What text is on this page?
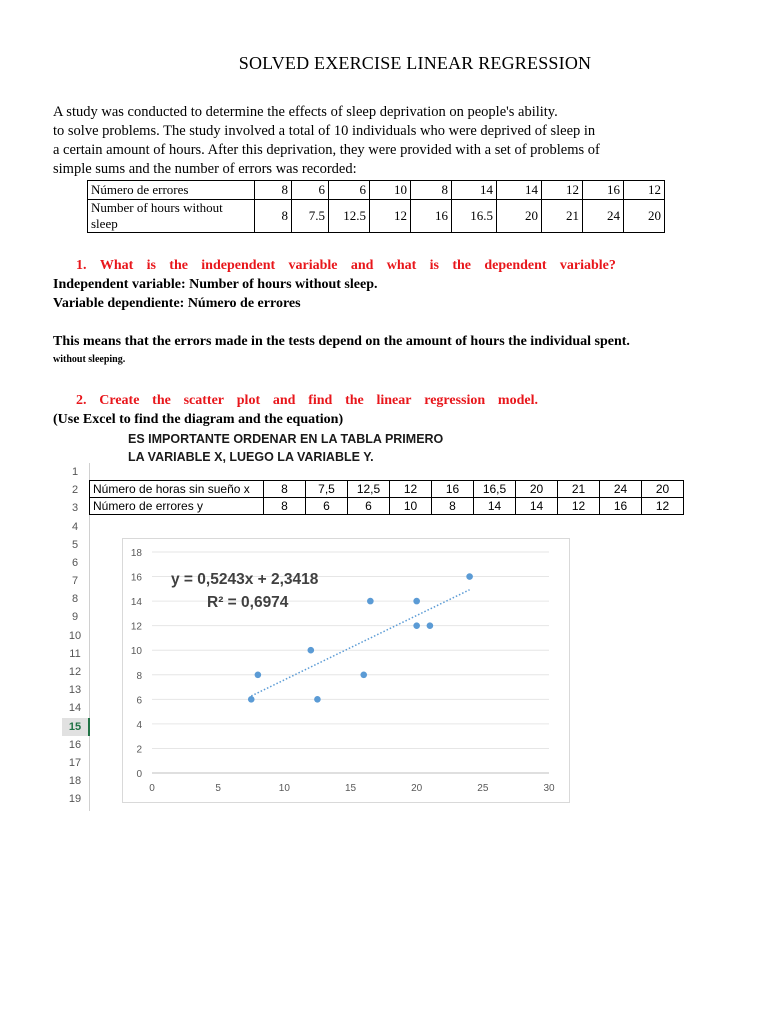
SOLVED EXERCISE LINEAR REGRESSION
A study was conducted to determine the effects of sleep deprivation on people's ability.
to solve problems. The study involved a total of 10 individuals who were deprived of sleep in
a certain amount of hours. After this deprivation, they were provided with a set of problems of
simple sums and the number of errors was recorded:
Número de errores	8	6	6	10	8	14	14	12	16	12
Number of hours without sleep	8	7.5	12.5	12	16	16.5	20	21	24	20
1. What is the independent variable and what is the dependent variable?
Independent variable: Number of hours without sleep.
Variable dependiente: Número de errores
This means that the errors made in the tests depend on the amount of hours the individual spent.
without sleeping.
2. Create the scatter plot and find the linear regression model.
(Use Excel to find the diagram and the equation)
ES IMPORTANTE ORDENAR EN LA TABLA PRIMERO
LA VARIABLE X, LUEGO LA VARIABLE Y.
1
2
3
4
5
6
7
8
9
10
11
12
13
14
15
16
17
18
19
Número de horas sin sueño x	8	7,5	12,5	12	16	16,5	20	21	24	20
Número de errores y	8	6	6	10	8	14	14	12	16	12
0
2
4
6
8
10
12
14
16
18
0	5	10	15	20	25	30
y = 0,5243x + 2,3418
R² = 0,6974
